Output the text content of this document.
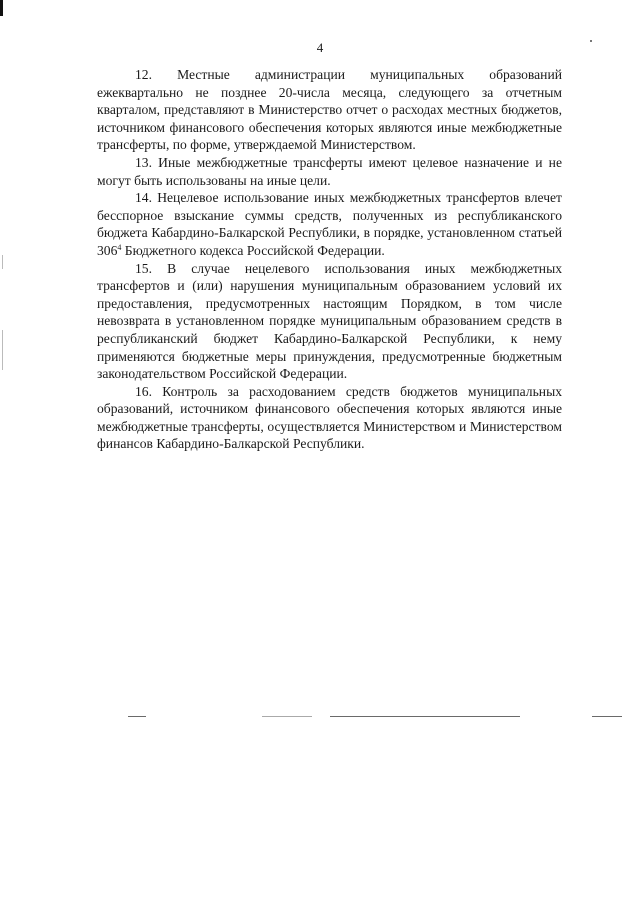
4

12. Местные администрации муниципальных образований ежеквартально не позднее 20-числа месяца, следующего за отчетным кварталом, представляют в Министерство отчет о расходах местных бюджетов, источником финансового обеспечения которых являются иные межбюджетные трансферты, по форме, утверждаемой Министерством.

13. Иные межбюджетные трансферты имеют целевое назначение и не могут быть использованы на иные цели.

14. Нецелевое использование иных межбюджетных трансфертов влечет бесспорное взыскание суммы средств, полученных из республиканского бюджета Кабардино-Балкарской Республики, в порядке, установленном статьей $306^4$ Бюджетного кодекса Российской Федерации.

15. В случае нецелевого использования иных межбюджетных трансфертов и (или) нарушения муниципальным образованием условий их предоставления, предусмотренных настоящим Порядком, в том числе невозврата в установленном порядке муниципальным образованием средств в республиканский бюджет Кабардино-Балкарской Республики, к нему применяются бюджетные меры принуждения, предусмотренные бюджетным законодательством Российской Федерации.

16. Контроль за расходованием средств бюджетов муниципальных образований, источником финансового обеспечения которых являются иные межбюджетные трансферты, осуществляется Министерством и Министерством финансов Кабардино-Балкарской Республики.
